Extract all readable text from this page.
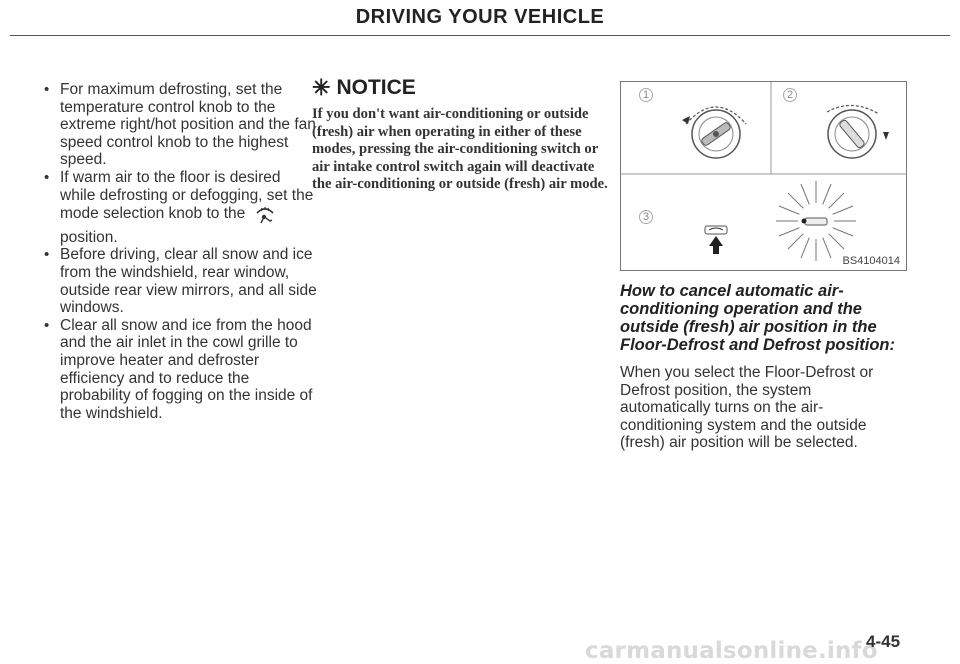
DRIVING YOUR VEHICLE
• For maximum defrosting, set the temperature control knob to the extreme right/hot position and the fan speed control knob to the highest speed.
• If warm air to the floor is desired while defrosting or defogging, set the mode selection knob to the
position.
• Before driving, clear all snow and ice from the windshield, rear window, outside rear view mirrors, and all side windows.
• Clear all snow and ice from the hood and the air inlet in the cowl grille to improve heater and defroster efficiency and to reduce the probability of fogging on the inside of the windshield.
✳ NOTICE
If you don't want air-conditioning or outside (fresh) air when operating in either of these modes, pressing the air-conditioning switch or air intake control switch again will deactivate the air-conditioning or outside (fresh) air mode.
1	2
3
BS4104014
How to cancel automatic air-conditioning operation and the outside (fresh) air position in the Floor-Defrost and Defrost position:
When you select the Floor-Defrost or Defrost position, the system automatically turns on the air-conditioning system and the outside (fresh) air position will be selected.
carmanualsonline.info
4-45
